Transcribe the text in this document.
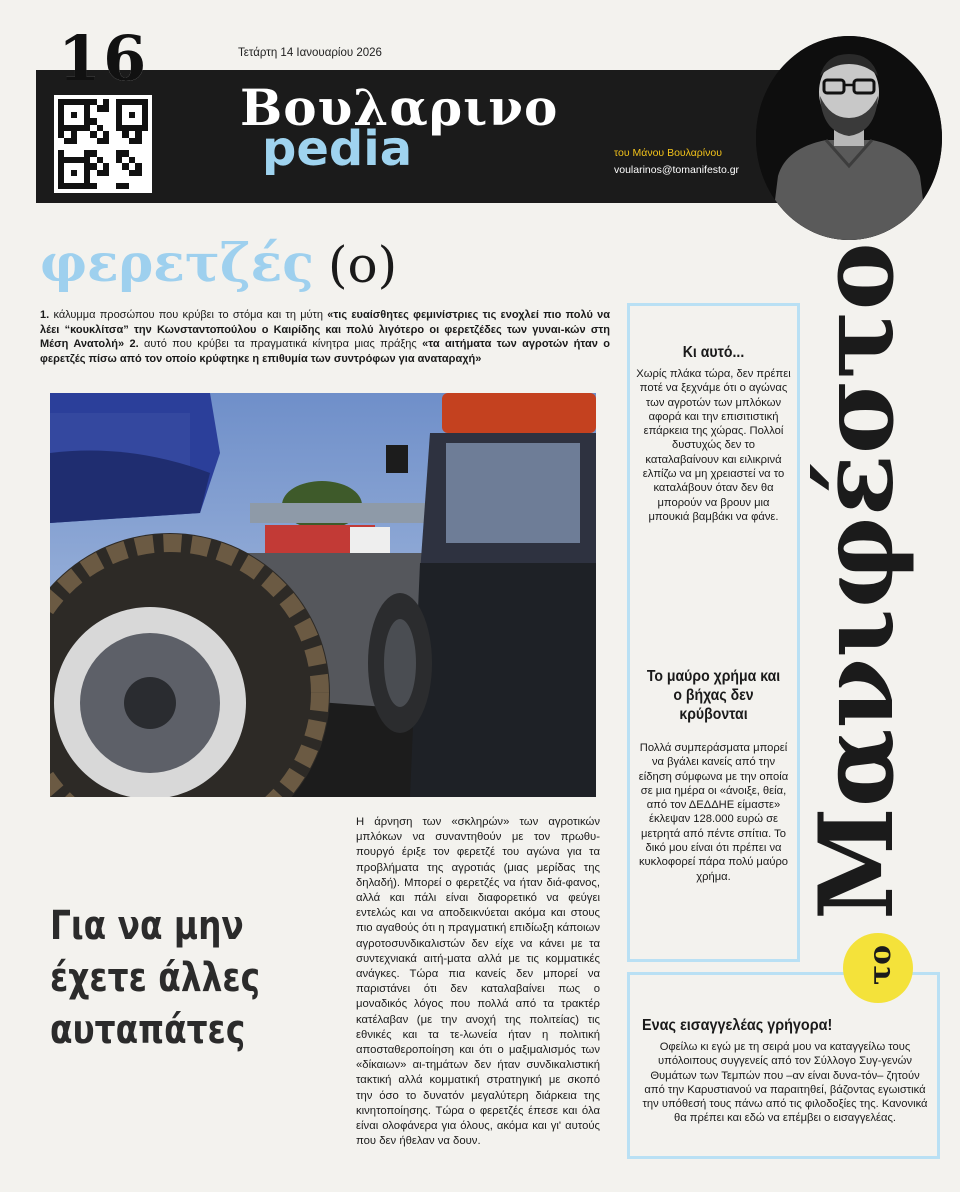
16	Τετάρτη 14 Ιανουαρίου 2026
Βουλαρινο
pedia	του Μάνου Βουλαρίνου
voularinos@tomanifesto.gr
φερετζές (ο)
1. κάλυμμα προσώπου που κρύβει το στόμα και τη μύτη «τις ευαίσθητες φεμινίστριες τις ενοχλεί πιο πολύ να λέει “κουκλίτσα” την Κωνσταντοπούλου ο Καιρίδης και πολύ λιγότερο οι φερετζέδες των γυναι-κών στη Μέση Ανατολή» 2. αυτό που κρύβει τα πραγματικά κίνητρα μιας πράξης «τα αιτήματα των αγροτών ήταν ο φερετζές πίσω από τον οποίο κρύφτηκε η επιθυμία των συντρόφων για αναταραχή»
Για να μην
έχετε άλλες
αυταπάτες
Η άρνηση των «σκληρών» των αγροτικών μπλόκων να συναντηθούν με τον πρωθυ-πουργό έριξε τον φερετζέ του αγώνα για τα προβλήματα της αγροτιάς (μιας μερίδας της δηλαδή). Μπορεί ο φερετζές να ήταν διά-φανος, αλλά και πάλι είναι διαφορετικό να φεύγει εντελώς και να αποδεικνύεται ακόμα και στους πιο αγαθούς ότι η πραγματική επιδίωξη κάποιων αγροτοσυνδικαλιστών δεν είχε να κάνει με τα συντεχνιακά αιτή-ματα αλλά με τις κομματικές ανάγκες. Τώρα πια κανείς δεν μπορεί να παριστάνει ότι δεν καταλαβαίνει πως ο μοναδικός λόγος που πολλά από τα τρακτέρ κατέλαβαν (με την ανοχή της πολιτείας) τις εθνικές και τα τε-λωνεία ήταν η πολιτική αποσταθεροποίηση και ότι ο μαξιμαλισμός των «δίκαιων» αι-τημάτων δεν ήταν συνδικαλιστική τακτική αλλά κομματική στρατηγική με σκοπό την όσο το δυνατόν μεγαλύτερη διάρκεια της κινητοποίησης. Τώρα ο φερετζές έπεσε και όλα είναι ολοφάνερα για όλους, ακόμα και γι' αυτούς που δεν ήθελαν να δουν.
Κι αυτό...
Χωρίς πλάκα τώρα, δεν πρέπει ποτέ να ξεχνάμε ότι ο αγώνας των αγροτών των μπλόκων αφορά και την επισιτιστική επάρκεια της χώρας. Πολλοί δυστυχώς δεν το καταλαβαίνουν και ειλικρινά ελπίζω να μη χρειαστεί να το καταλάβουν όταν δεν θα μπορούν να βρουν μια μπουκιά βαμβάκι να φάνε.
Το μαύρο χρήμα και ο βήχας δεν κρύβονται
Πολλά συμπεράσματα μπορεί να βγάλει κανείς από την είδηση σύμφωνα με την οποία σε μια ημέρα οι «άνοιξε, θεία, από τον ΔΕΔΔΗΕ είμαστε» έκλεψαν 128.000 ευρώ σε μετρητά από πέντε σπίτια. Το δικό μου είναι ότι πρέπει να κυκλοφορεί πάρα πολύ μαύρο χρήμα.
το
Μανιφέστο
Ενας εισαγγελέας γρήγορα!
Οφείλω κι εγώ με τη σειρά μου να καταγγείλω τους υπόλοιπους συγγενείς από τον Σύλλογο Συγ-γενών Θυμάτων των Τεμπών που –αν είναι δυνα-τόν– ζητούν από την Καρυστιανού να παραιτηθεί, βάζοντας εγωιστικά την υπόθεσή τους πάνω από τις φιλοδοξίες της. Κανονικά θα πρέπει και εδώ να επέμβει ο εισαγγελέας.
